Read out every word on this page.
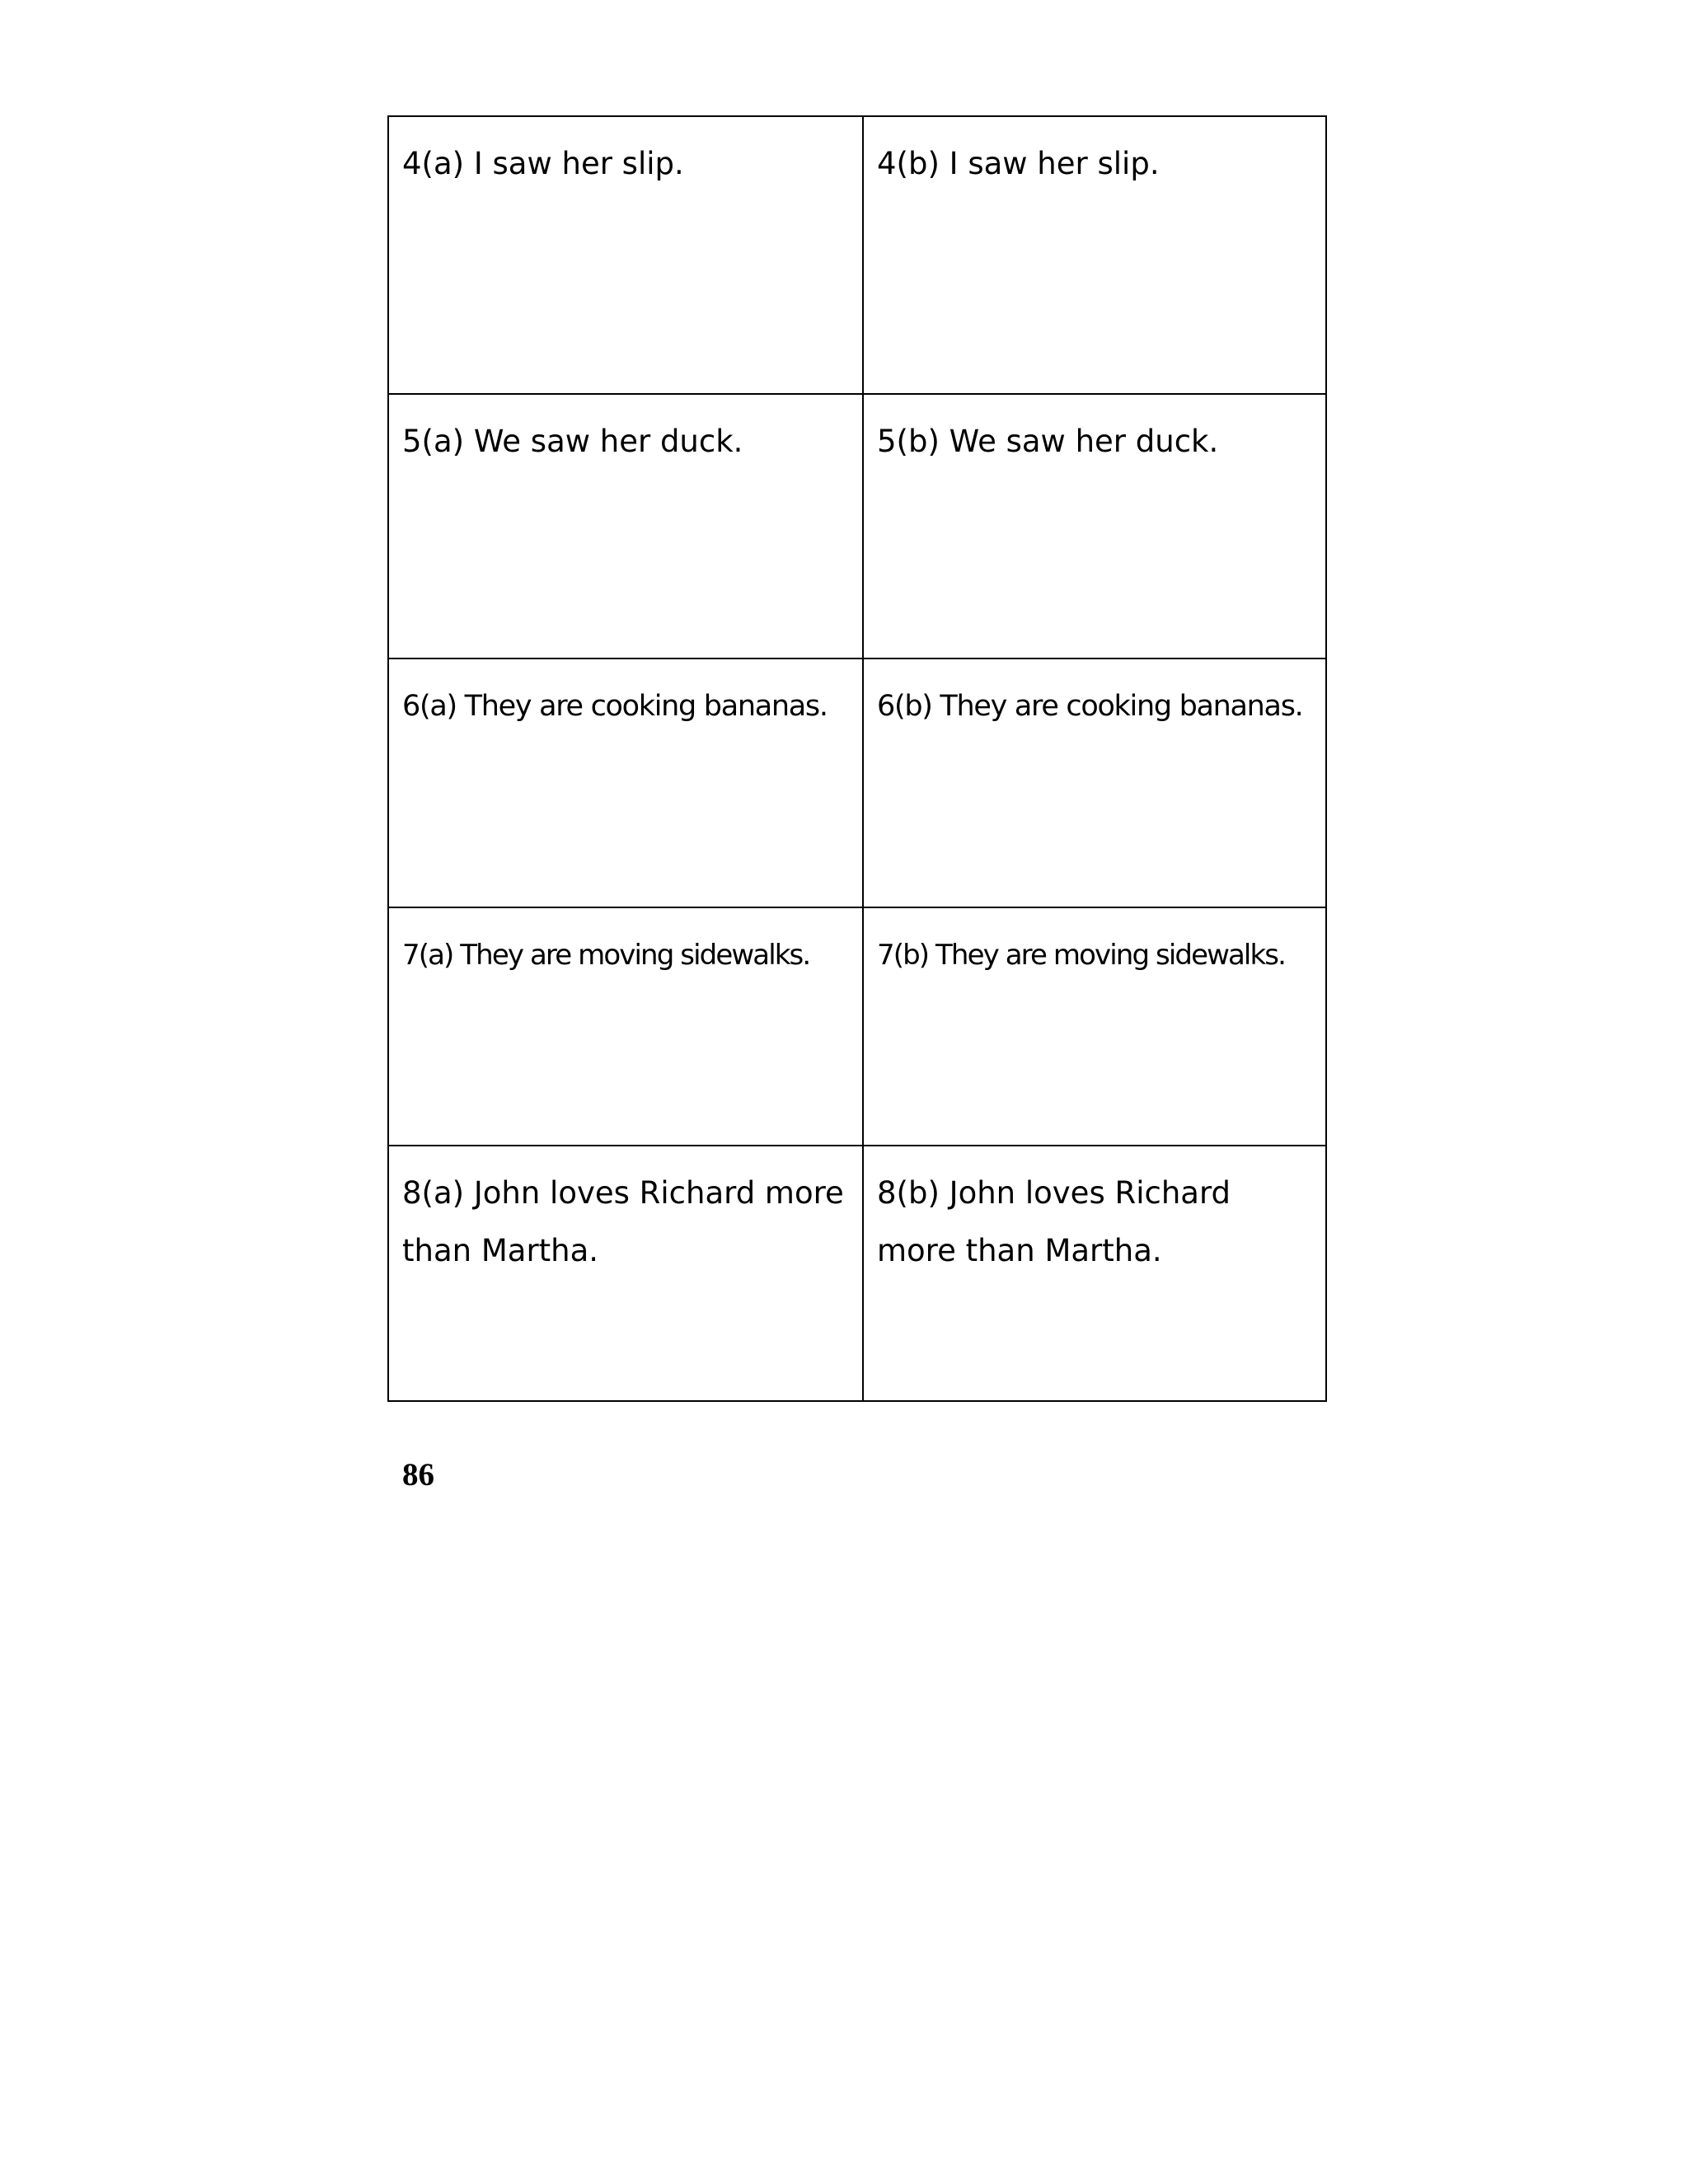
4(a) I saw her slip.	4(b) I saw her slip.
5(a) We saw her duck.	5(b) We saw her duck.
6(a) They are cooking bananas.	6(b) They are cooking bananas.
7(a) They are moving sidewalks.	7(b) They are moving sidewalks.
8(a) John loves Richard more than Martha.	8(b) John loves Richard more than Martha.
86
